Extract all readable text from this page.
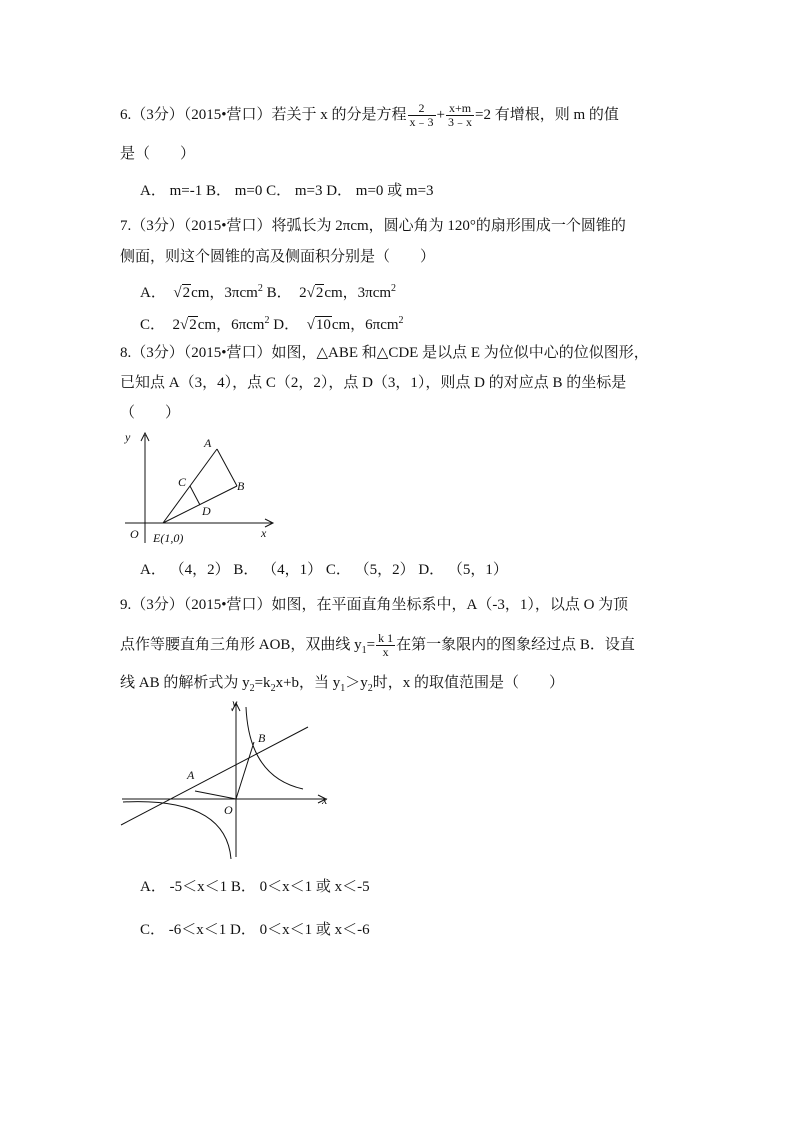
6.（3分）（2015•营口）若关于 x 的分是方程 $\frac{2}{x﹣3} + \frac{x+m}{3﹣x} =2$ 有增根，则 m 的值
是（　　）
A． m=-1 B． m=0 C． m=3 D． m=0 或 m=3
7.（3分）（2015•营口）将弧长为 2πcm，圆心角为 120°的扇形围成一个圆锥的
侧面，则这个圆锥的高及侧面积分别是（　　）
A． √2cm，3πcm$^2$ B． 2√2cm，3πcm$^2$
C． 2√2cm，6πcm$^2$ D． √10cm，6πcm$^2$
8.（3分）（2015•营口）如图，△ABE 和△CDE 是以点 E 为位似中心的位似图形，
已知点 A（3，4），点 C（2，2），点 D（3，1），则点 D 的对应点 B 的坐标是
（　　）
y
x
O
A
B
C
D
E(1,0)
A． （4，2） B． （4，1） C． （5，2） D． （5，1）
9.（3分）（2015•营口）如图，在平面直角坐标系中，A（-3，1），以点 O 为顶
点作等腰直角三角形 AOB，双曲线 $y_1= \frac{k 1}{x}$ 在第一象限内的图象经过点 B．设直
线 AB 的解析式为 $y_2=k_2x+b$，当 $y_1>y_2$时，x 的取值范围是（　　）
y
x
O
A
B
A． -5＜x＜1 B． 0＜x＜1 或 x＜-5
C． -6＜x＜1 D． 0＜x＜1 或 x＜-6
